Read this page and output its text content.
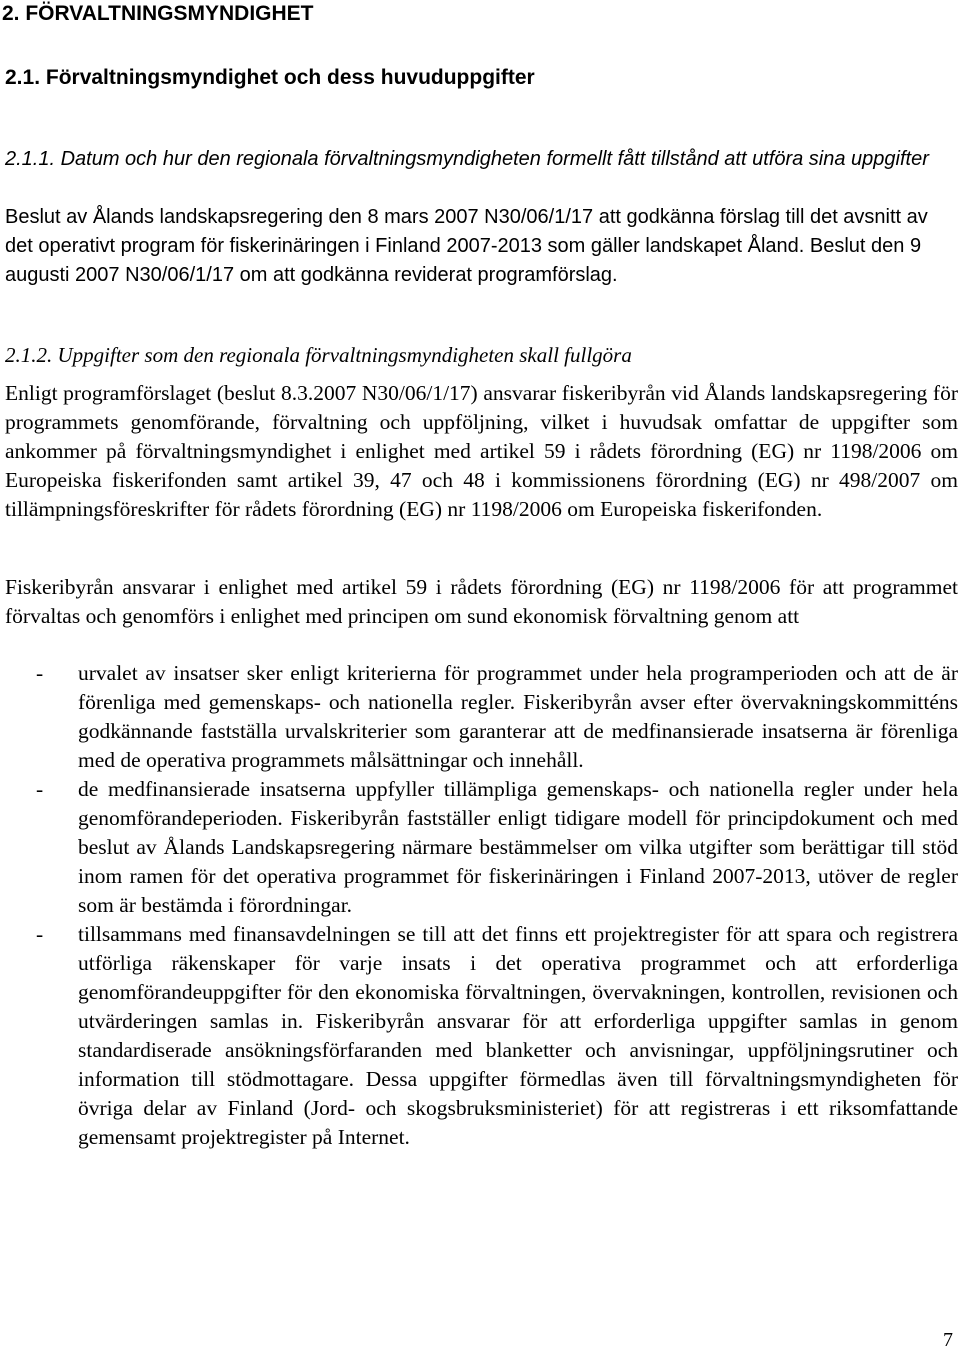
2. FÖRVALTNINGSMYNDIGHET
2.1. Förvaltningsmyndighet och dess huvuduppgifter
2.1.1. Datum och hur den regionala förvaltningsmyndigheten formellt fått tillstånd att utföra sina uppgifter
Beslut av Ålands landskapsregering den 8 mars 2007 N30/06/1/17 att godkänna förslag till det avsnitt av det operativt program för fiskerinäringen i Finland 2007-2013 som gäller landskapet Åland. Beslut den 9 augusti 2007 N30/06/1/17 om att godkänna reviderat programförslag.
2.1.2. Uppgifter som den regionala förvaltningsmyndigheten skall fullgöra

Enligt programförslaget (beslut 8.3.2007 N30/06/1/17) ansvarar fiskeribyrån vid Ålands landskapsregering för programmets genomförande, förvaltning och uppföljning, vilket i huvudsak omfattar de uppgifter som ankommer på förvaltningsmyndighet i enlighet med artikel 59 i rådets förordning (EG) nr 1198/2006 om Europeiska fiskerifonden samt artikel 39, 47 och 48 i kommissionens förordning (EG) nr 498/2007 om tillämpningsföreskrifter för rådets förordning (EG) nr 1198/2006 om Europeiska fiskerifonden.

Fiskeribyrån ansvarar i enlighet med artikel 59 i rådets förordning (EG) nr 1198/2006 för att programmet förvaltas och genomförs i enlighet med principen om sund ekonomisk förvaltning genom att

- urvalet av insatser sker enligt kriterierna för programmet under hela programperioden och att de är förenliga med gemenskaps- och nationella regler. Fiskeribyrån avser efter övervakningskommitténs godkännande fastställa urvalskriterier som garanterar att de medfinansierade insatserna är förenliga med de operativa programmets målsättningar och innehåll.
- de medfinansierade insatserna uppfyller tillämpliga gemenskaps- och nationella regler under hela genomförandeperioden. Fiskeribyrån fastställer enligt tidigare modell för principdokument och med beslut av Ålands Landskapsregering närmare bestämmelser om vilka utgifter som berättigar till stöd inom ramen för det operativa programmet för fiskerinäringen i Finland 2007-2013, utöver de regler som är bestämda i förordningar.
- tillsammans med finansavdelningen se till att det finns ett projektregister för att spara och registrera utförliga räkenskaper för varje insats i det operativa programmet och att erforderliga genomförandeuppgifter för den ekonomiska förvaltningen, övervakningen, kontrollen, revisionen och utvärderingen samlas in. Fiskeribyrån ansvarar för att erforderliga uppgifter samlas in genom standardiserade ansökningsförfaranden med blanketter och anvisningar, uppföljningsrutiner och information till stödmottagare. Dessa uppgifter förmedlas även till förvaltningsmyndigheten för övriga delar av Finland (Jord- och skogsbruksministeriet) för att registreras i ett riksomfattande gemensamt projektregister på Internet.
7
